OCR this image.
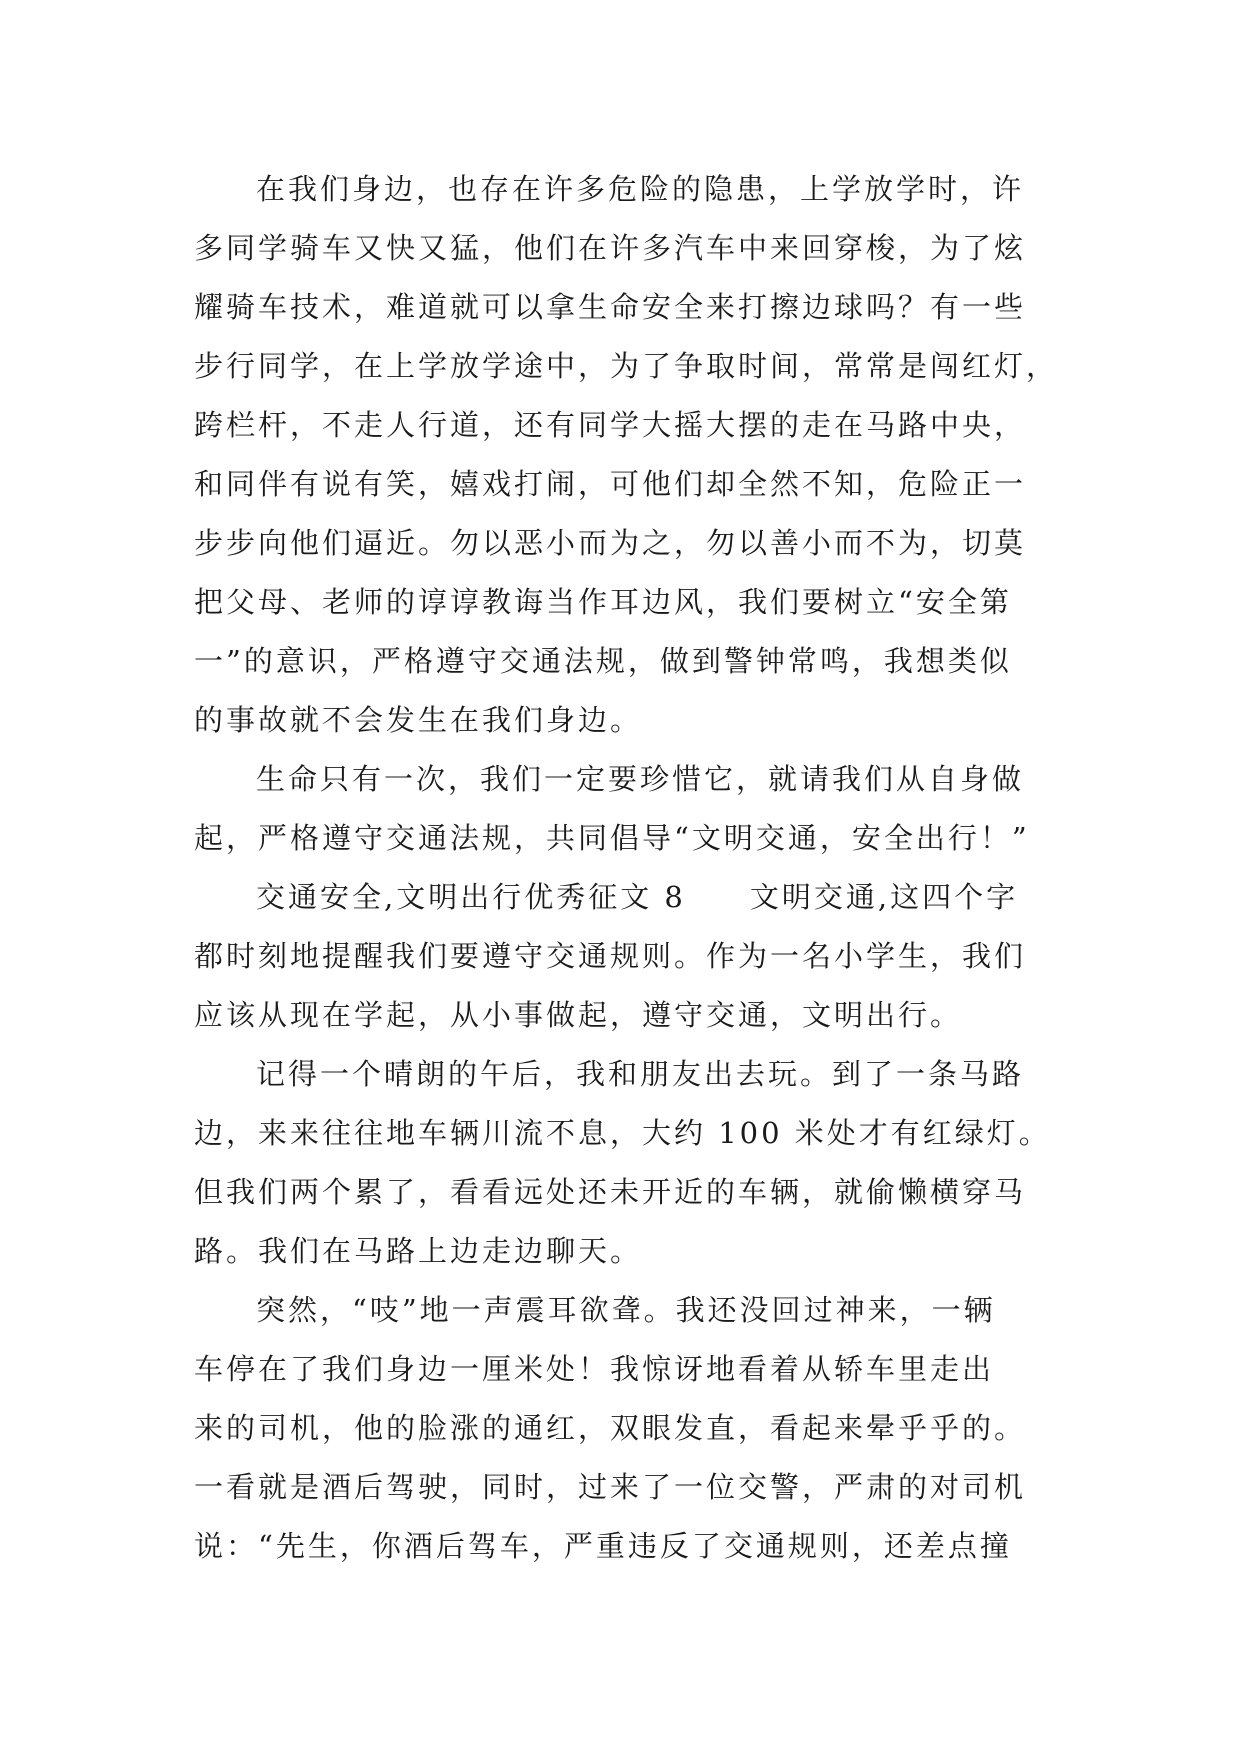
在我们身边，也存在许多危险的隐患，上学放学时，许
多同学骑车又快又猛，他们在许多汽车中来回穿梭，为了炫
耀骑车技术，难道就可以拿生命安全来打擦边球吗？有一些
步行同学，在上学放学途中，为了争取时间，常常是闯红灯，
跨栏杆，不走人行道，还有同学大摇大摆的走在马路中央，
和同伴有说有笑，嬉戏打闹，可他们却全然不知，危险正一
步步向他们逼近。勿以恶小而为之，勿以善小而不为，切莫
把父母、老师的谆谆教诲当作耳边风，我们要树立“安全第
一”的意识，严格遵守交通法规，做到警钟常鸣，我想类似
的事故就不会发生在我们身边。
生命只有一次，我们一定要珍惜它，就请我们从自身做
起，严格遵守交通法规，共同倡导“文明交通，安全出行！”
交通安全,文明出行优秀征文 8　　文明交通,这四个字
都时刻地提醒我们要遵守交通规则。作为一名小学生，我们
应该从现在学起，从小事做起，遵守交通，文明出行。
记得一个晴朗的午后，我和朋友出去玩。到了一条马路
边，来来往往地车辆川流不息，大约 100 米处才有红绿灯。
但我们两个累了，看看远处还未开近的车辆，就偷懒横穿马
路。我们在马路上边走边聊天。
突然，“吱”地一声震耳欲聋。我还没回过神来，一辆
车停在了我们身边一厘米处！我惊讶地看着从轿车里走出
来的司机，他的脸涨的通红，双眼发直，看起来晕乎乎的。
一看就是酒后驾驶，同时，过来了一位交警，严肃的对司机
说：“先生，你酒后驾车，严重违反了交通规则，还差点撞
